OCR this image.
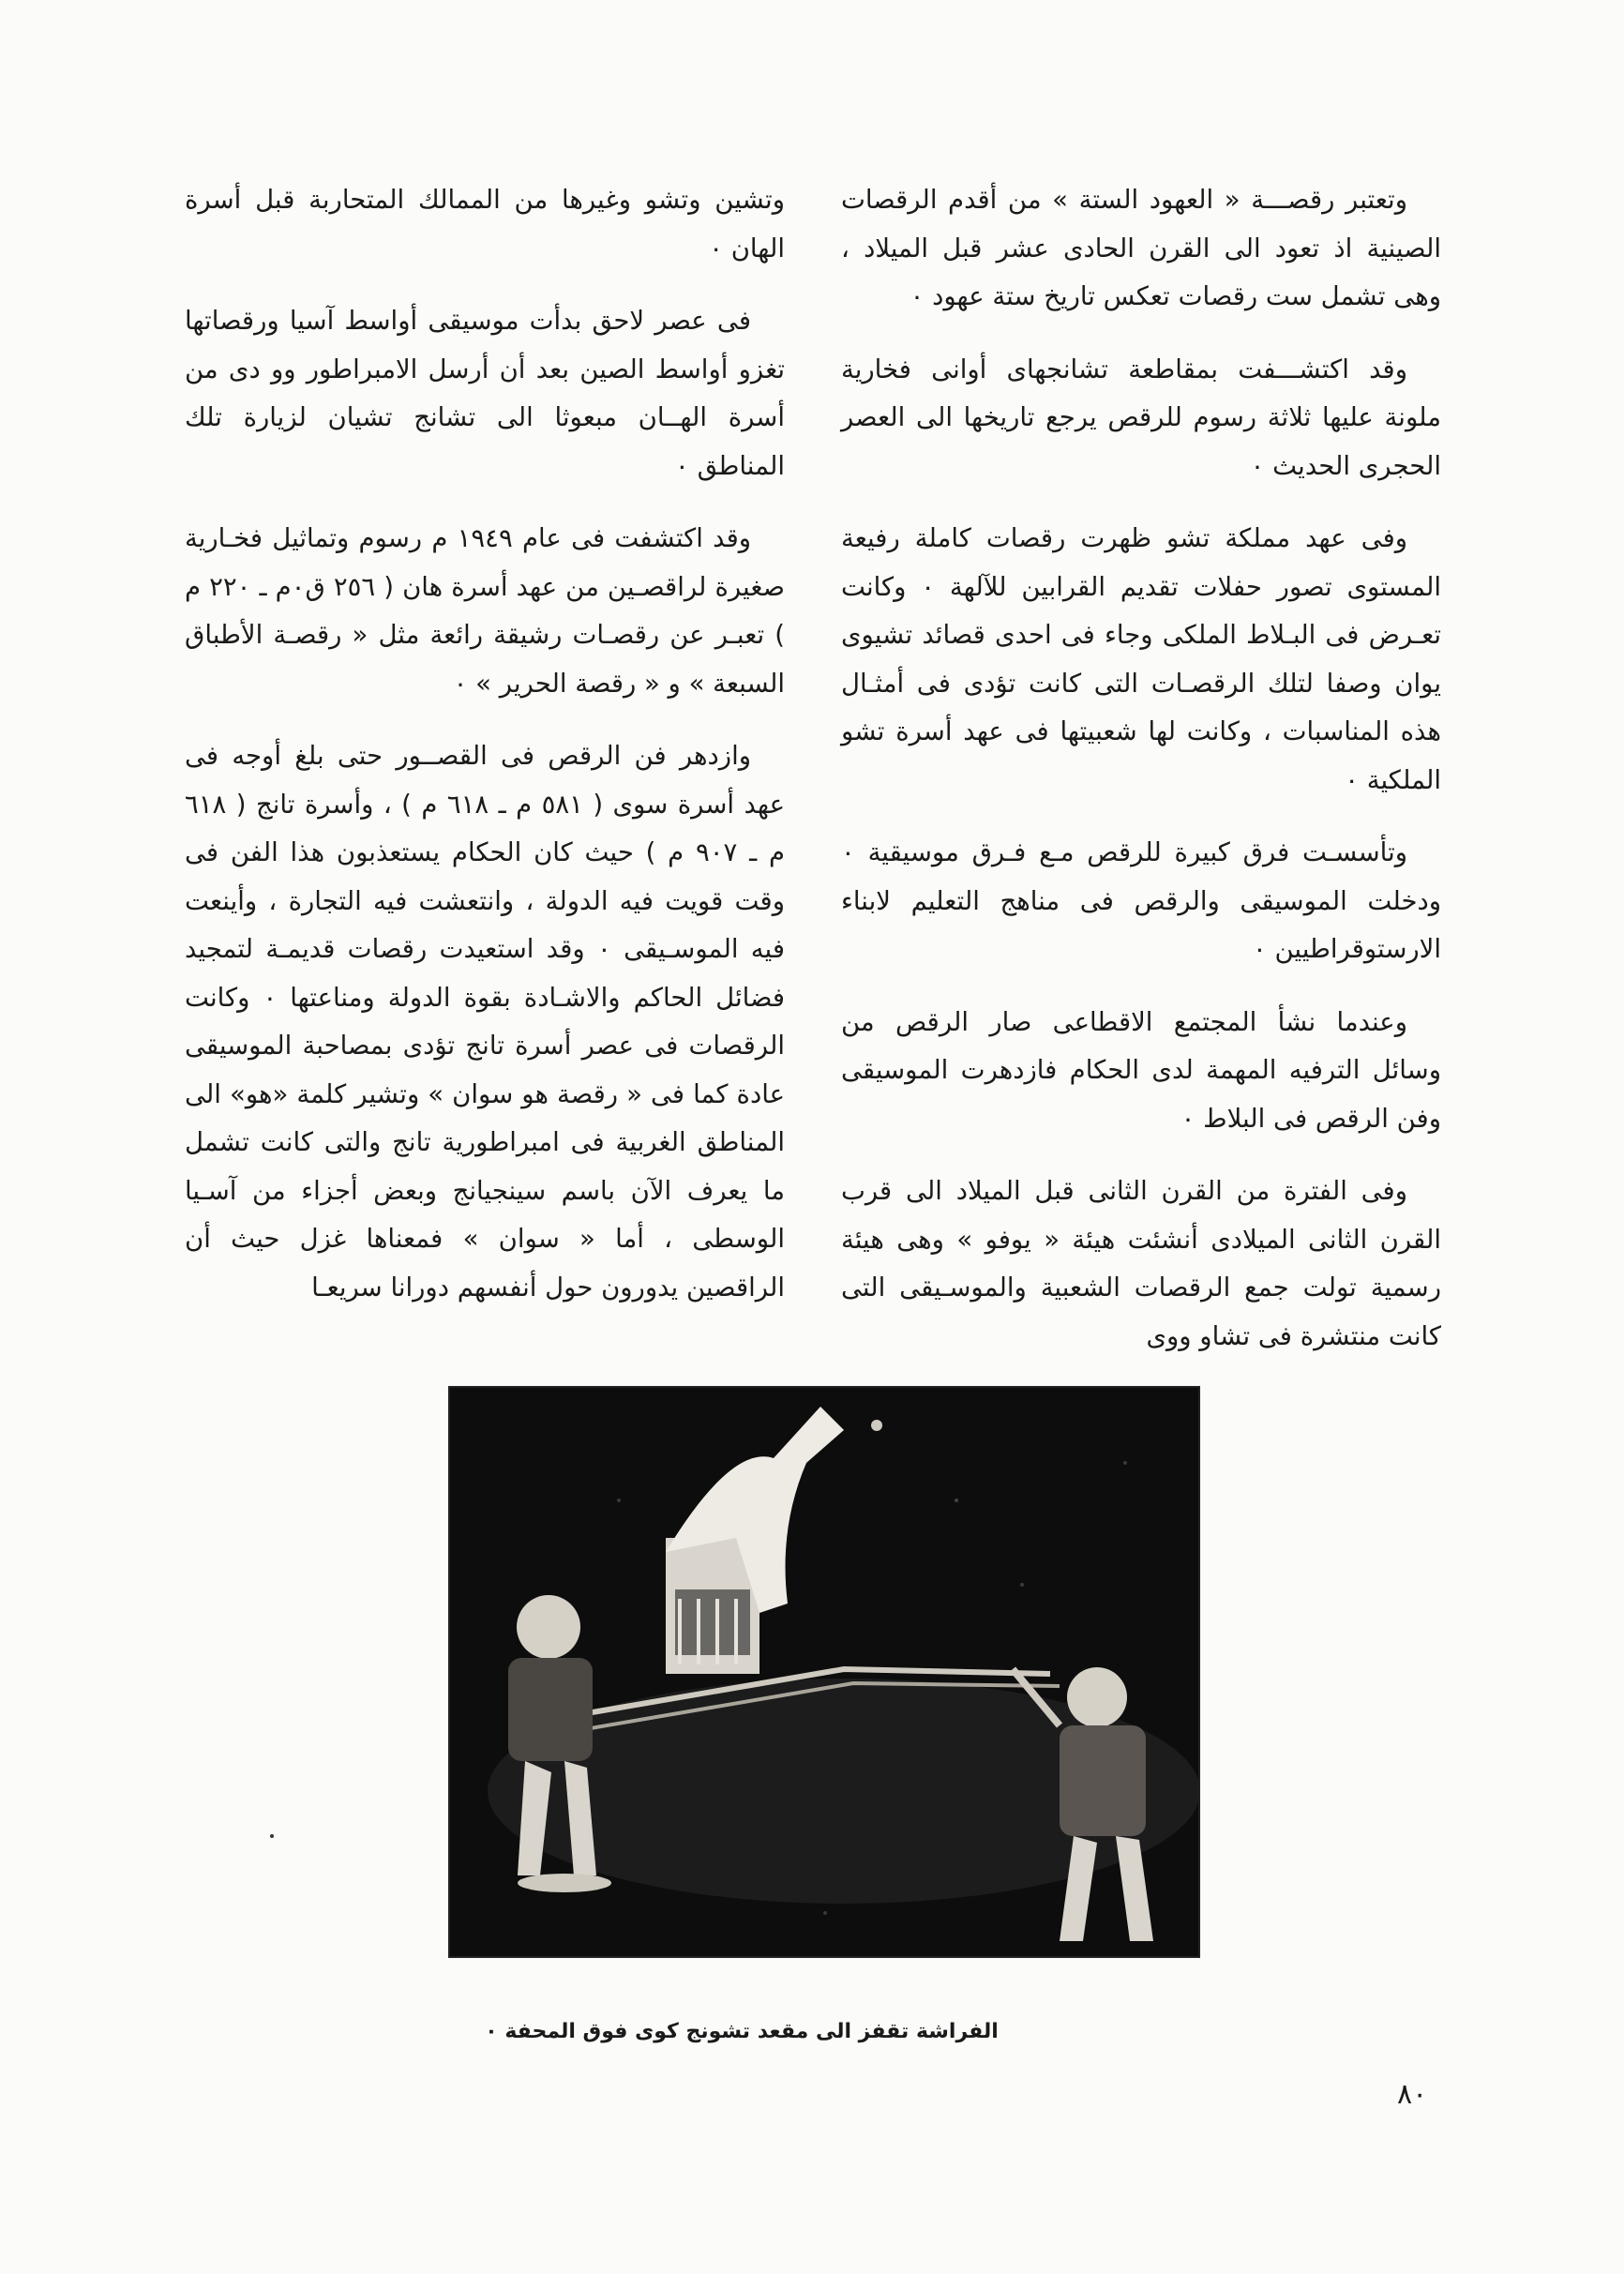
وتعتبر رقصـــة « العهود الستة » من أقدم الرقصات الصينية اذ تعود الى القرن الحادى عشر قبل الميلاد ، وهى تشمل ست رقصات تعكس تاريخ ستة عهود ٠

وقد اكتشـــفت بمقاطعة تشانجهاى أوانى فخارية ملونة عليها ثلاثة رسوم للرقص يرجع تاريخها الى العصر الحجرى الحديث ٠

وفى عهد مملكة تشو ظهرت رقصات كاملة رفيعة المستوى تصور حفلات تقديم القرابين للآلهة ٠ وكانت تعـرض فى البـلاط الملكى وجاء فى احدى قصائد تشيوى يوان وصفا لتلك الرقصـات التى كانت تؤدى فى أمثـال هذه المناسبات ، وكانت لها شعبيتها فى عهد أسرة تشو الملكية ٠

وتأسسـت فرق كبيرة للرقص مـع فـرق موسيقية ٠ ودخلت الموسيقى والرقص فى مناهج التعليم لابناء الارستوقراطيين ٠

وعندما نشأ المجتمع الاقطاعى صار الرقص من وسائل الترفيه المهمة لدى الحكام فازدهرت الموسيقى وفن الرقص فى البلاط ٠

وفى الفترة من القرن الثانى قبل الميلاد الى قرب القرن الثانى الميلادى أنشئت هيئة « يوفو » وهى هيئة رسمية تولت جمع الرقصات الشعبية والموسـيقى التى كانت منتشرة فى تشاو ووى

وتشين وتشو وغيرها من الممالك المتحاربة قبل أسرة الهان ٠

فى عصر لاحق بدأت موسيقى أواسط آسيا ورقصاتها تغزو أواسط الصين بعد أن أرسل الامبراطور وو دى من أسرة الهــان مبعوثا الى تشانج تشيان لزيارة تلك المناطق ٠

وقد اكتشفت فى عام ١٩٤٩ م رسوم وتماثيل فخـارية صغيرة لراقصـين من عهد أسرة هان ( ٢٥٦ ق٠م ـ ٢٢٠ م ) تعبـر عن رقصـات رشيقة رائعة مثل « رقصـة الأطباق السبعة » و « رقصة الحرير » ٠

وازدهر فن الرقص فى القصــور حتى بلغ أوجه فى عهد أسرة سوى ( ٥٨١ م ـ ٦١٨ م ) ، وأسرة تانج ( ٦١٨ م ـ ٩٠٧ م ) حيث كان الحكام يستعذبون هذا الفن فى وقت قويت فيه الدولة ، وانتعشت فيه التجارة ، وأينعت فيه الموسـيقى ٠ وقد استعيدت رقصات قديمـة لتمجيد فضائل الحاكم والاشـادة بقوة الدولة ومناعتها ٠ وكانت الرقصات فى عصر أسرة تانج تؤدى بمصاحبة الموسيقى عادة كما فى « رقصة هو سوان » وتشير كلمة «هو» الى المناطق الغربية فى امبراطورية تانج والتى كانت تشمل ما يعرف الآن باسم سينجيانج وبعض أجزاء من آسـيا الوسطى ، أما « سوان » فمعناها غزل حيث أن الراقصين يدورون حول أنفسهم دورانا سريعـا

الفراشة تقفز الى مقعد تشونج كوى فوق المحفة ٠
٨٠
